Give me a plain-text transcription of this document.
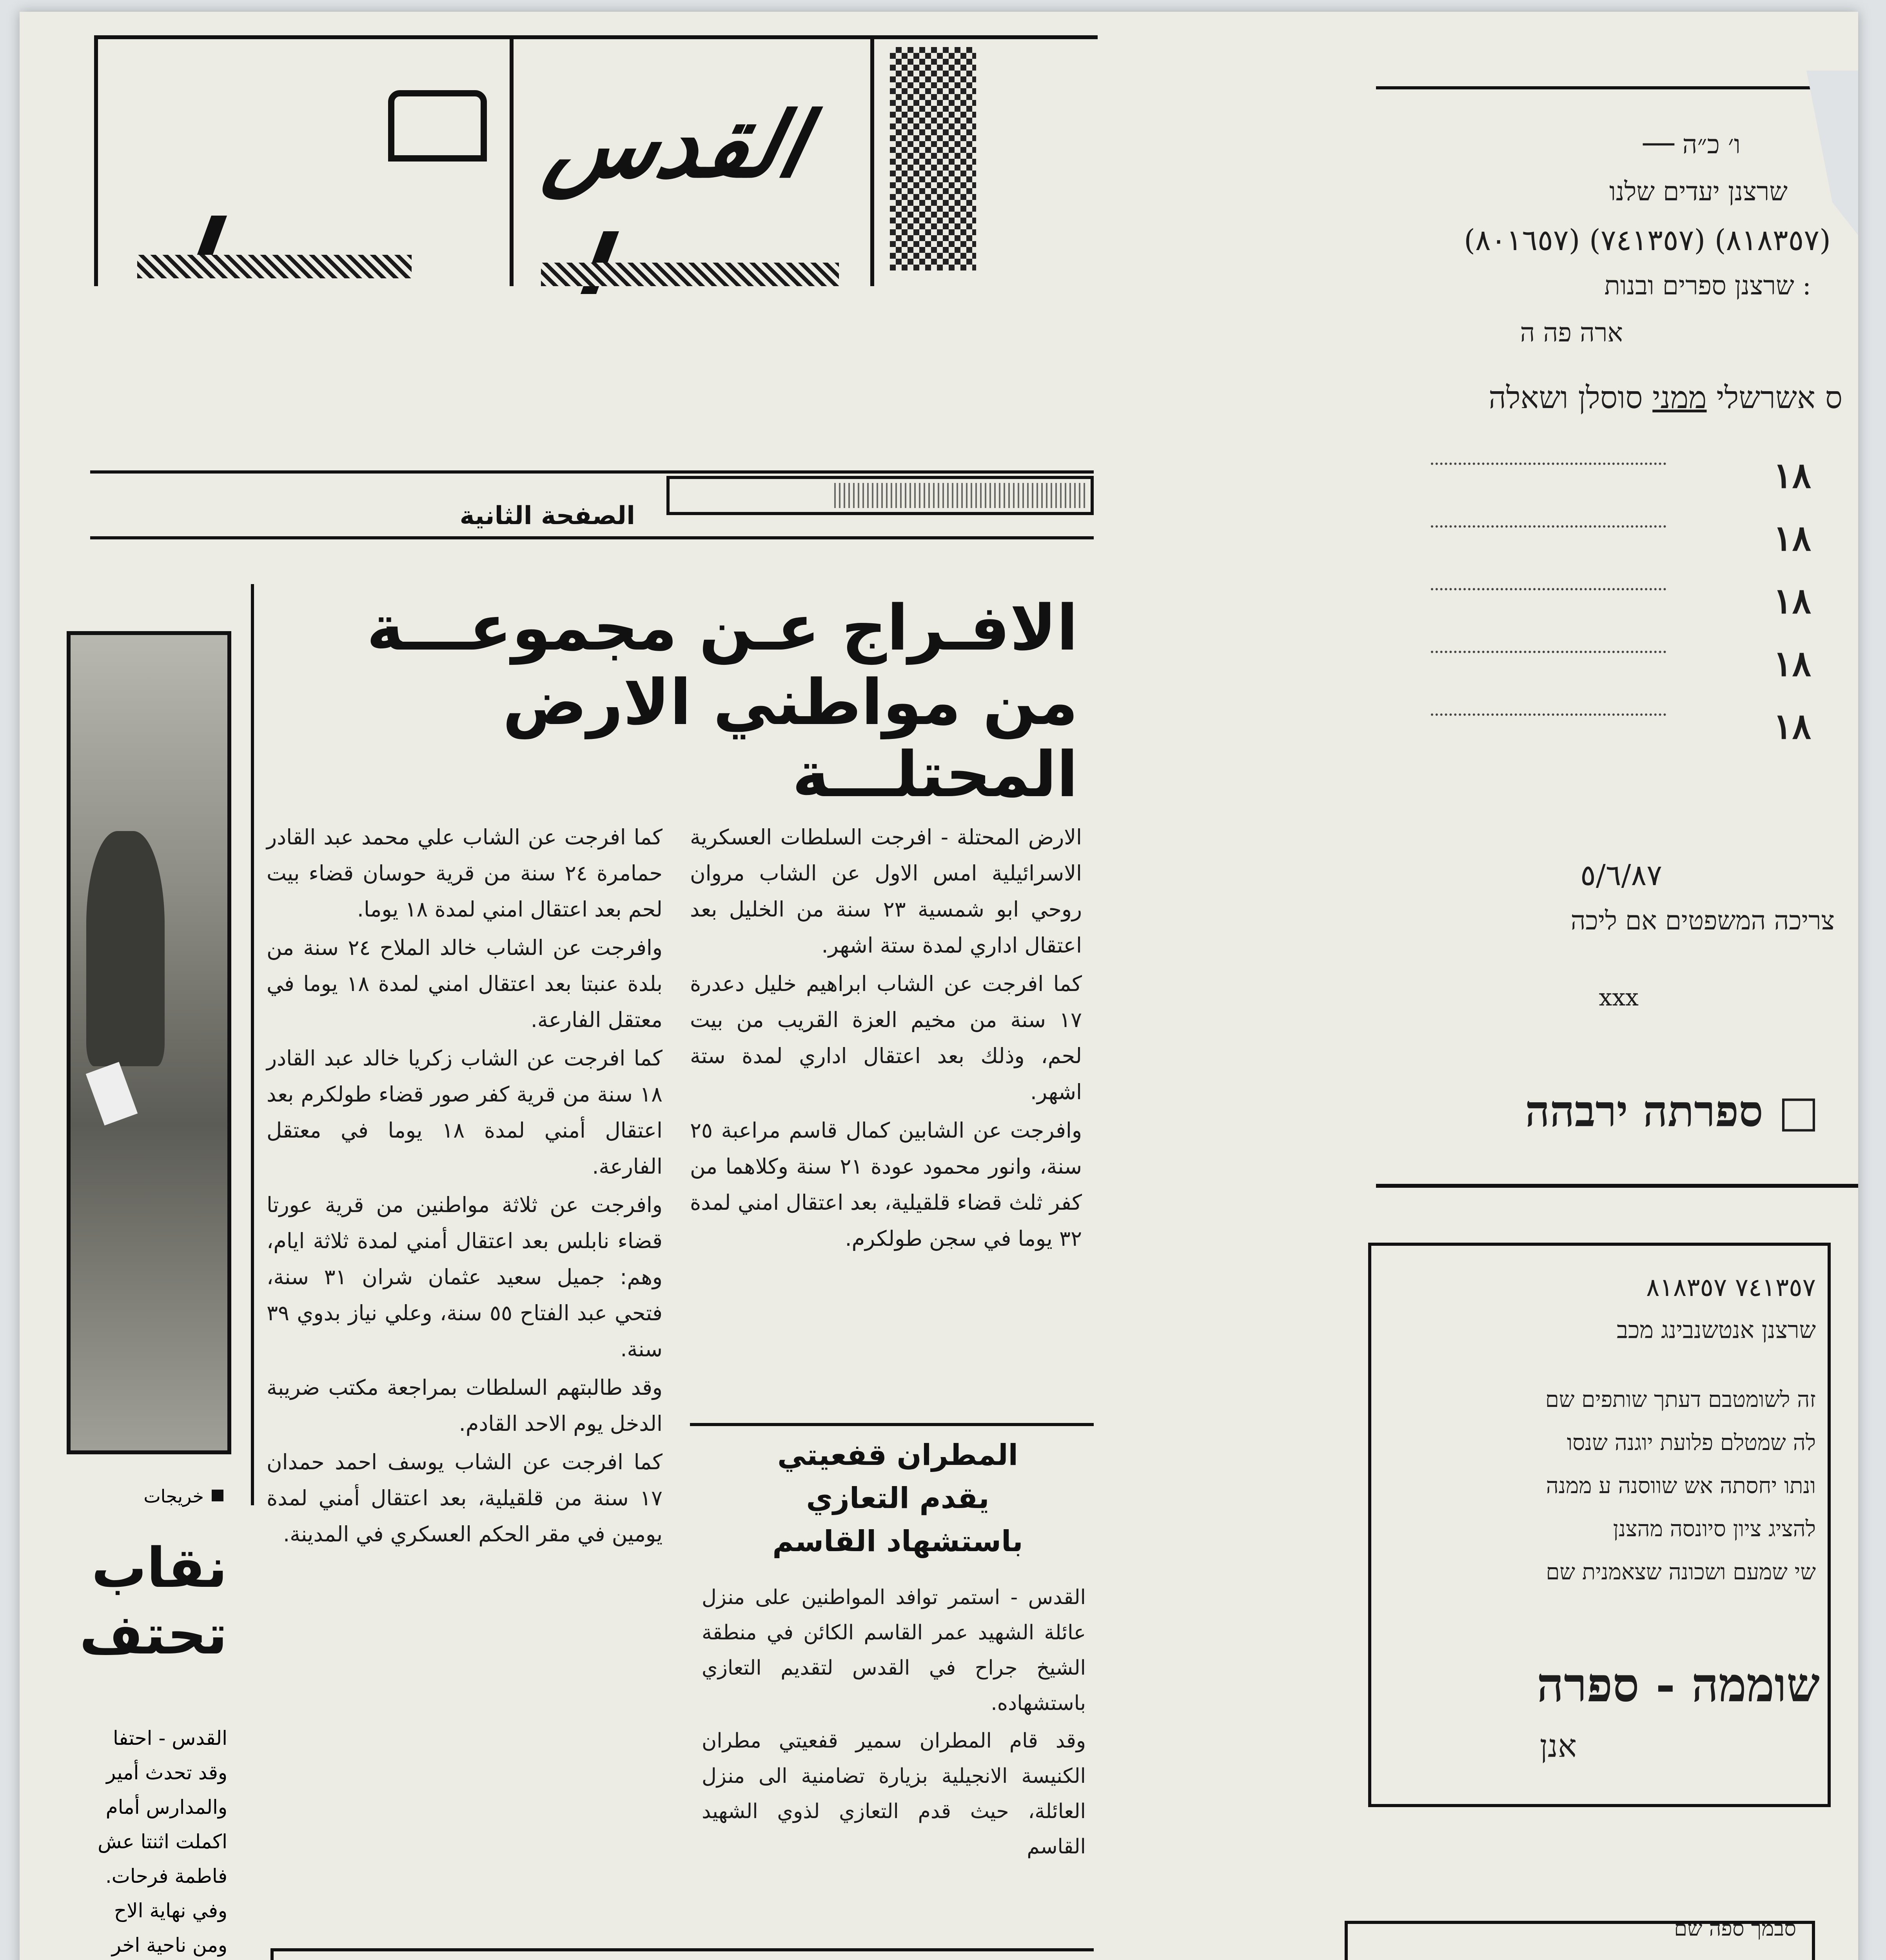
القدس
الصفحة الثانية
الافـراج عـن مجموعـــة
من مواطني الارض المحتلـــة

الارض المحتلة - افرجت السلطات العسكرية الاسرائيلية امس الاول عن الشاب مروان روحي ابو شمسية ٢٣ سنة من الخليل بعد اعتقال اداري لمدة ستة اشهر.

كما افرجت عن الشاب ابراهيم خليل دعدرة ١٧ سنة من مخيم العزة القريب من بيت لحم، وذلك بعد اعتقال اداري لمدة ستة اشهر.

وافرجت عن الشابين كمال قاسم مراعبة ٢٥ سنة، وانور محمود عودة ٢١ سنة وكلاهما من كفر ثلث قضاء قلقيلية، بعد اعتقال امني لمدة ٣٢ يوما في سجن طولكرم.

كما افرجت عن الشاب علي محمد عبد القادر حمامرة ٢٤ سنة من قرية حوسان قضاء بيت لحم بعد اعتقال امني لمدة ١٨ يوما.

وافرجت عن الشاب خالد الملاح ٢٤ سنة من بلدة عنبتا بعد اعتقال امني لمدة ١٨ يوما في معتقل الفارعة.

كما افرجت عن الشاب زكريا خالد عبد القادر ١٨ سنة من قرية كفر صور قضاء طولكرم بعد اعتقال أمني لمدة ١٨ يوما في معتقل الفارعة.

وافرجت عن ثلاثة مواطنين من قرية عورتا قضاء نابلس بعد اعتقال أمني لمدة ثلاثة ايام، وهم: جميل سعيد عثمان شران ٣١ سنة، فتحي عبد الفتاح ٥٥ سنة، وعلي نياز بدوي ٣٩ سنة.

وقد طالبتهم السلطات بمراجعة مكتب ضريبة الدخل يوم الاحد القادم.

كما افرجت عن الشاب يوسف احمد حمدان ١٧ سنة من قلقيلية، بعد اعتقال أمني لمدة يومين في مقر الحكم العسكري في المدينة.

المطران قفعيتي
يقدم التعازي
باستشهاد القاسم

القدس - استمر توافد المواطنين على منزل عائلة الشهيد عمر القاسم الكائن في منطقة الشيخ جراح في القدس لتقديم التعازي باستشهاده.

وقد قام المطران سمير قفعيتي مطران الكنيسة الانجيلية بزيارة تضامنية الى منزل العائلة، حيث قدم التعازي لذوي الشهيد القاسم

خريجات
نقاب
تحتف
القدس - احتفا
وقد تحدث أمير
والمدارس أمام
اكملت اثنتا عش
فاطمة فرحات.
وفي نهاية الاح
ومن ناحية اخر
ו׳ כ״ה ──
שרצנן יעדים שלנו
(٨١٨٣٥٧) (٧٤١٣٥٧) (٨٠١٦٥٧)
: שרצנן ספרים ובנות
ארה פה ה
ס אשרשלי ממני סוסלן ושאלה
١٨
١٨
١٨
١٨
١٨
٥/٦/٨٧
צריכה המשפטים אם ליכה
xxx
□ ספרתה ירבהה
٧٤١٣٥٧ ٨١٨٣٥٧
שרצנן אנטשנבינג מכב
זה לשומטבם דעתך שותפים שם
לה שמטלם פלועת יוגנה שנסו
ונתו יחסתה אש שווסנה ע ממנה
להציג ציון סיונסה מהצנן
שי שמעם ושכונה שצאמנית שם
שוממה - ספרה
אנן
סבמך ספה שם
